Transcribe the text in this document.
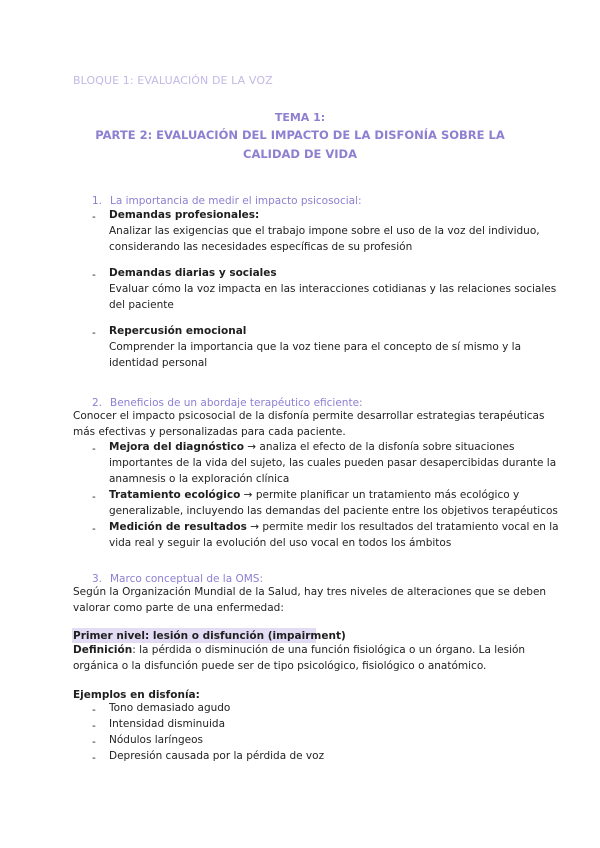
BLOQUE 1: EVALUACIÓN DE LA VOZ
TEMA 1:
PARTE 2: EVALUACIÓN DEL IMPACTO DE LA DISFONÍA SOBRE LA CALIDAD DE VIDA
1. La importancia de medir el impacto psicosocial:
- Demandas profesionales:
Analizar las exigencias que el trabajo impone sobre el uso de la voz del individuo,
considerando las necesidades específicas de su profesión
- Demandas diarias y sociales
Evaluar cómo la voz impacta en las interacciones cotidianas y las relaciones sociales
del paciente
- Repercusión emocional
Comprender la importancia que la voz tiene para el concepto de sí mismo y la
identidad personal
2. Beneficios de un abordaje terapéutico eficiente:
Conocer el impacto psicosocial de la disfonía permite desarrollar estrategias terapéuticas
más efectivas y personalizadas para cada paciente.
- Mejora del diagnóstico → analiza el efecto de la disfonía sobre situaciones
importantes de la vida del sujeto, las cuales pueden pasar desapercibidas durante la
anamnesis o la exploración clínica
- Tratamiento ecológico → permite planificar un tratamiento más ecológico y
generalizable, incluyendo las demandas del paciente entre los objetivos terapéuticos
- Medición de resultados → permite medir los resultados del tratamiento vocal en la
vida real y seguir la evolución del uso vocal en todos los ámbitos
3. Marco conceptual de la OMS:
Según la Organización Mundial de la Salud, hay tres niveles de alteraciones que se deben
valorar como parte de una enfermedad:
Primer nivel: lesión o disfunción (impairment)
Definición: la pérdida o disminución de una función fisiológica o un órgano. La lesión
orgánica o la disfunción puede ser de tipo psicológico, fisiológico o anatómico.
Ejemplos en disfonía:
- Tono demasiado agudo
- Intensidad disminuida
- Nódulos laríngeos
- Depresión causada por la pérdida de voz
